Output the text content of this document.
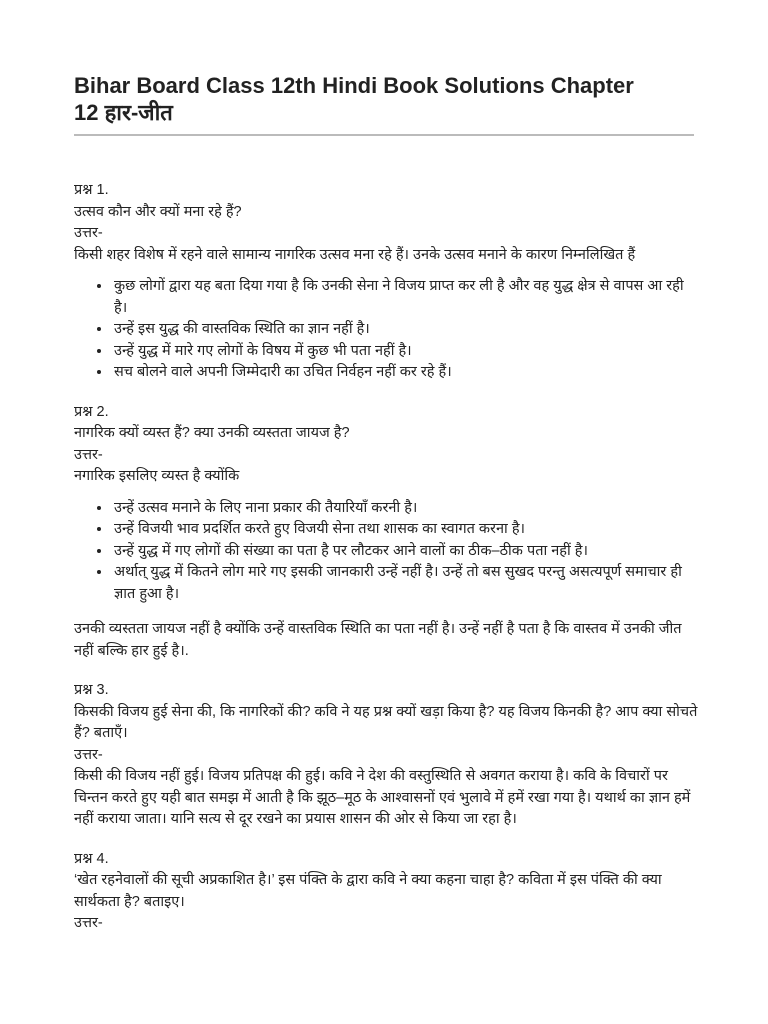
Bihar Board Class 12th Hindi Book Solutions Chapter
12 हार-जीत

प्रश्न 1.

उत्सव कौन और क्यों मना रहे हैं?

उत्तर-

किसी शहर विशेष में रहने वाले सामान्य नागरिक उत्सव मना रहे हैं। उनके उत्सव मनाने के कारण निम्नलिखित हैं

• कुछ लोगों द्वारा यह बता दिया गया है कि उनकी सेना ने विजय प्राप्त कर ली है और वह युद्ध क्षेत्र से वापस आ रही है।
• उन्हें इस युद्ध की वास्तविक स्थिति का ज्ञान नहीं है।
• उन्हें युद्ध में मारे गए लोगों के विषय में कुछ भी पता नहीं है।
• सच बोलने वाले अपनी जिम्मेदारी का उचित निर्वहन नहीं कर रहे हैं।

प्रश्न 2.

नागरिक क्यों व्यस्त हैं? क्या उनकी व्यस्तता जायज है?

उत्तर-

नगारिक इसलिए व्यस्त है क्योंकि

• उन्हें उत्सव मनाने के लिए नाना प्रकार की तैयारियाँ करनी है।
• उन्हें विजयी भाव प्रदर्शित करते हुए विजयी सेना तथा शासक का स्वागत करना है।
• उन्हें युद्ध में गए लोगों की संख्या का पता है पर लौटकर आने वालों का ठीक–ठीक पता नहीं है।
• अर्थात् युद्ध में कितने लोग मारे गए इसकी जानकारी उन्हें नहीं है। उन्हें तो बस सुखद परन्तु असत्यपूर्ण समाचार ही ज्ञात हुआ है।

उनकी व्यस्तता जायज नहीं है क्योंकि उन्हें वास्तविक स्थिति का पता नहीं है। उन्हें नहीं है पता है कि वास्तव में उनकी जीत नहीं बल्कि हार हुई है।.

प्रश्न 3.

किसकी विजय हुई सेना की, कि नागरिकों की? कवि ने यह प्रश्न क्यों खड़ा किया है? यह विजय किनकी है? आप क्या सोचते हैं? बताएँ।

उत्तर-

किसी की विजय नहीं हुई। विजय प्रतिपक्ष की हुई। कवि ने देश की वस्तुस्थिति से अवगत कराया है। कवि के विचारों पर चिन्तन करते हुए यही बात समझ में आती है कि झूठ–मूठ के आश्वासनों एवं भुलावे में हमें रखा गया है। यथार्थ का ज्ञान हमें नहीं कराया जाता। यानि सत्य से दूर रखने का प्रयास शासन की ओर से किया जा रहा है।

प्रश्न 4.

‘खेत रहनेवालों की सूची अप्रकाशित है।’ इस पंक्ति के द्वारा कवि ने क्या कहना चाहा है? कविता में इस पंक्ति की क्या सार्थकता है? बताइए।

उत्तर-
